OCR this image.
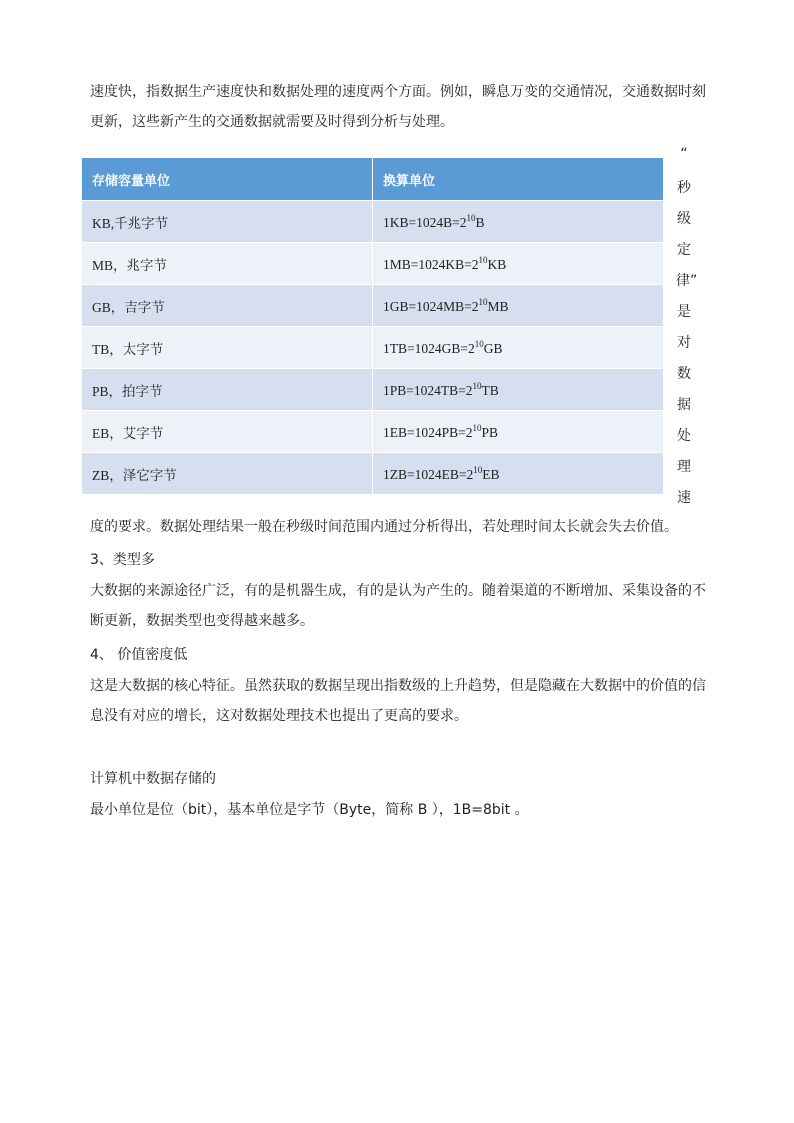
速度快，指数据生产速度快和数据处理的速度两个方面。例如，瞬息万变的交通情况，交通数据时刻更新，这些新产生的交通数据就需要及时得到分析与处理。

存储容量单位	换算单位
KB,千兆字节	$1KB=1024B=2^{10}B$
MB，兆字节	$1MB=1024KB=2^{10}KB$
GB，吉字节	$1GB=1024MB=2^{10}MB$
TB，太字节	$1TB=1024GB=2^{10}GB$
PB，拍字节	$1PB=1024TB=2^{10}TB$
EB，艾字节	$1EB=1024PB=2^{10}PB$
ZB，泽它字节	$1ZB=1024EB=2^{10}EB$
“
秒
级
定
律”
是
对
数
据
处
理
速

度的要求。数据处理结果一般在秒级时间范围内通过分析得出，若处理时间太长就会失去价值。

3、类型多

大数据的来源途径广泛，有的是机器生成，有的是认为产生的。随着渠道的不断增加、采集设备的不断更新，数据类型也变得越来越多。

4、 价值密度低

这是大数据的核心特征。虽然获取的数据呈现出指数级的上升趋势，但是隐藏在大数据中的价值的信息没有对应的增长，这对数据处理技术也提出了更高的要求。

计算机中数据存储的

最小单位是位（bit），基本单位是字节（Byte，简称 B ），1B=8bit 。
